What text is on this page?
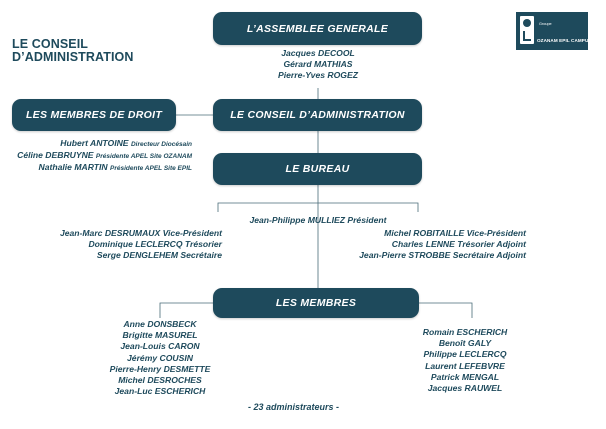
LE CONSEIL
D’ADMINISTRATION
Groupe
OZANAM EPIL CAMPUS
L’ASSEMBLEE GENERALE
Jacques DECOOL
Gérard MATHIAS
Pierre-Yves ROGEZ
LES MEMBRES DE DROIT
Hubert ANTOINE Directeur Diocésain
Céline DEBRUYNE Présidente APEL Site OZANAM
Nathalie MARTIN Présidente APEL Site EPIL
LE CONSEIL D’ADMINISTRATION
LE BUREAU
Jean-Philippe MULLIEZ Président
Jean-Marc DESRUMAUX Vice-Président
Dominique LECLERCQ Trésorier
Serge DENGLEHEM Secrétaire
Michel ROBITAILLE Vice-Président
Charles LENNE Trésorier Adjoint
Jean-Pierre STROBBE Secrétaire Adjoint
LES MEMBRES
Anne DONSBECK
Brigitte MASUREL
Jean-Louis CARON
Jérémy COUSIN
Pierre-Henry DESMETTE
Michel DESROCHES
Jean-Luc ESCHERICH
Romain ESCHERICH
Benoît GALY
Philippe LECLERCQ
Laurent LEFEBVRE
Patrick MENGAL
Jacques RAUWEL
- 23 administrateurs -
